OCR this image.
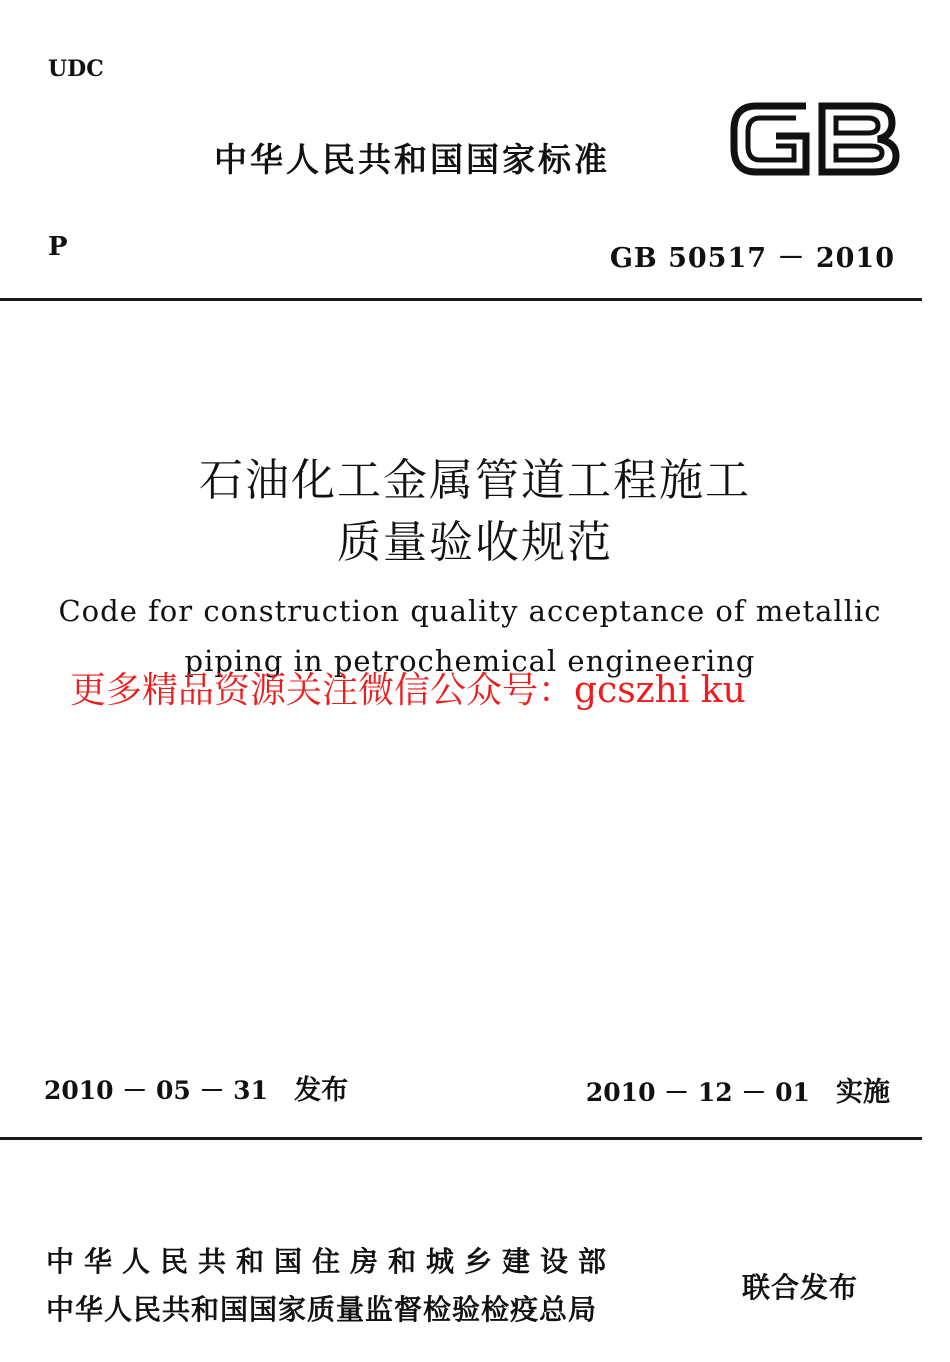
UDC
中华人民共和国国家标准
GB
P	GB 50517 － 2010
石油化工金属管道工程施工
质量验收规范
Code for construction quality acceptance of metallic
piping in petrochemical engineering
更多精品资源关注微信公众号：gcszhi ku
2010 － 05 － 31 发布	2010 － 12 － 01 实施
中华人民共和国住房和城乡建设部
中华人民共和国国家质量监督检验检疫总局
联合发布
